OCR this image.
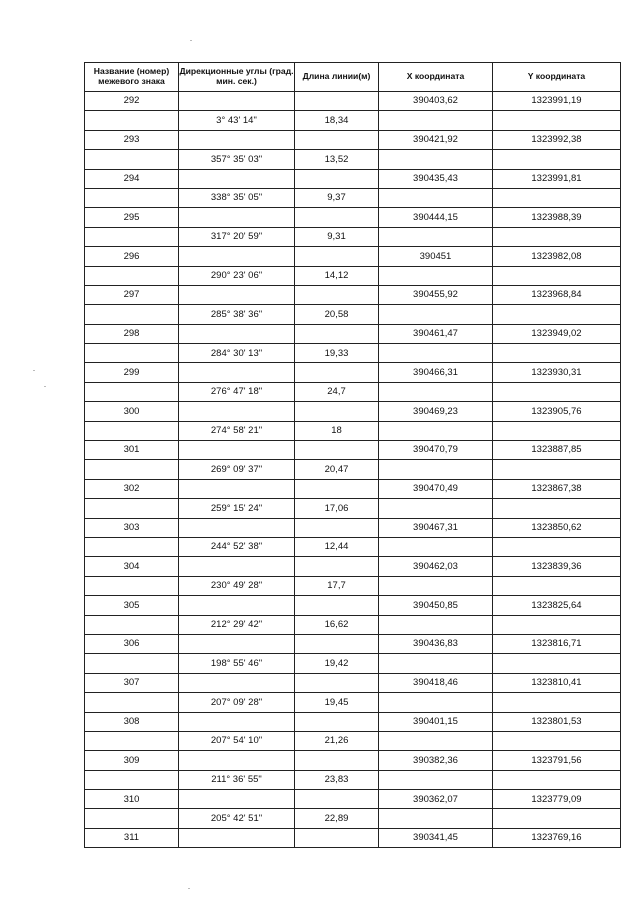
Название (номер) межевого знака	Дирекционные углы (град. мин. сек.)	Длина линии(м)	X координата	Y координата
292			390403,62	1323991,19
	3° 43' 14"	18,34		
293			390421,92	1323992,38
	357° 35' 03"	13,52		
294			390435,43	1323991,81
	338° 35' 05"	9,37		
295			390444,15	1323988,39
	317° 20' 59"	9,31		
296			390451	1323982,08
	290° 23' 06"	14,12		
297			390455,92	1323968,84
	285° 38' 36"	20,58		
298			390461,47	1323949,02
	284° 30' 13"	19,33		
299			390466,31	1323930,31
	276° 47' 18"	24,7		
300			390469,23	1323905,76
	274° 58' 21"	18		
301			390470,79	1323887,85
	269° 09' 37"	20,47		
302			390470,49	1323867,38
	259° 15' 24"	17,06		
303			390467,31	1323850,62
	244° 52' 38"	12,44		
304			390462,03	1323839,36
	230° 49' 28"	17,7		
305			390450,85	1323825,64
	212° 29' 42"	16,62		
306			390436,83	1323816,71
	198° 55' 46"	19,42		
307			390418,46	1323810,41
	207° 09' 28"	19,45		
308			390401,15	1323801,53
	207° 54' 10"	21,26		
309			390382,36	1323791,56
	211° 36' 55"	23,83		
310			390362,07	1323779,09
	205° 42' 51"	22,89		
311			390341,45	1323769,16
